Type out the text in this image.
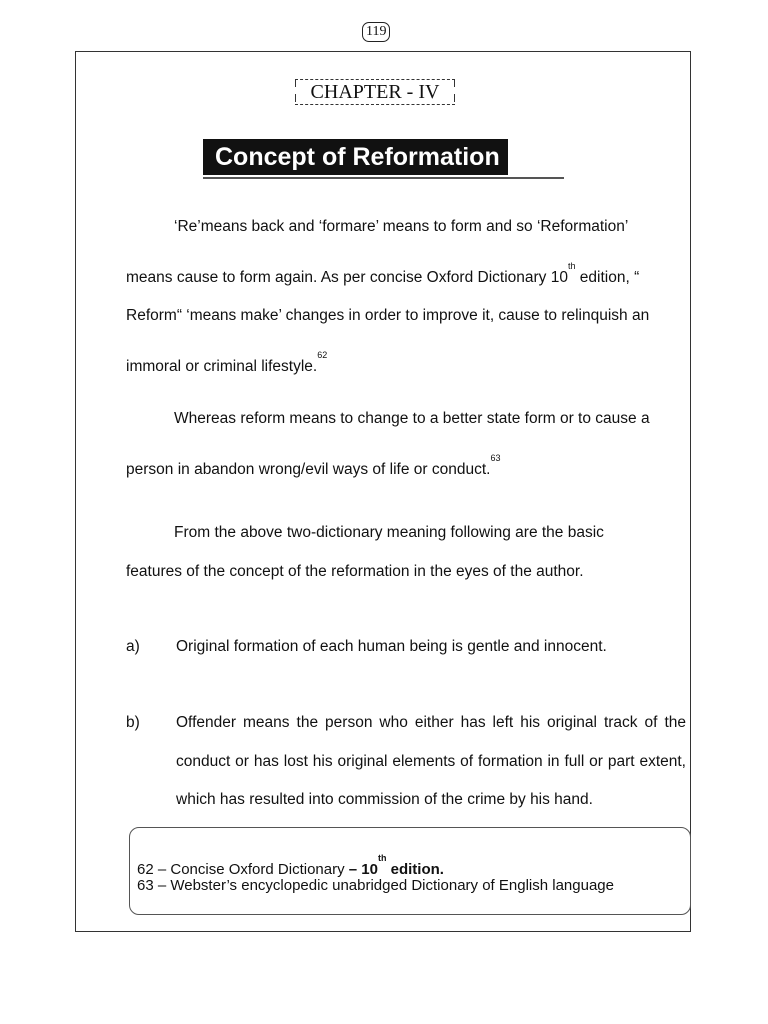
119
CHAPTER - IV
Concept of Reformation
‘Re’means back and ‘formare’ means to form and so ‘Reformation’
means cause to form again. As per concise Oxford Dictionary 10th edition, “
Reform“ ‘means make’ changes in order to improve it, cause to relinquish an
immoral or criminal lifestyle.$^{62}$
Whereas reform means to change to a better state form or to cause a
person in abandon wrong/evil ways of life or conduct.$^{63}$
From the above two-dictionary meaning following are the basic
features of the concept of the reformation in the eyes of the author.
a)	Original formation of each human being is gentle and innocent.
b)	Offender means the person who either has left his original track of the conduct or has lost his original elements of formation in full or part extent, which has resulted into commission of the crime by his hand.
62 – Concise Oxford Dictionary – 10th edition.
63 – Webster’s encyclopedic unabridged Dictionary of English language
